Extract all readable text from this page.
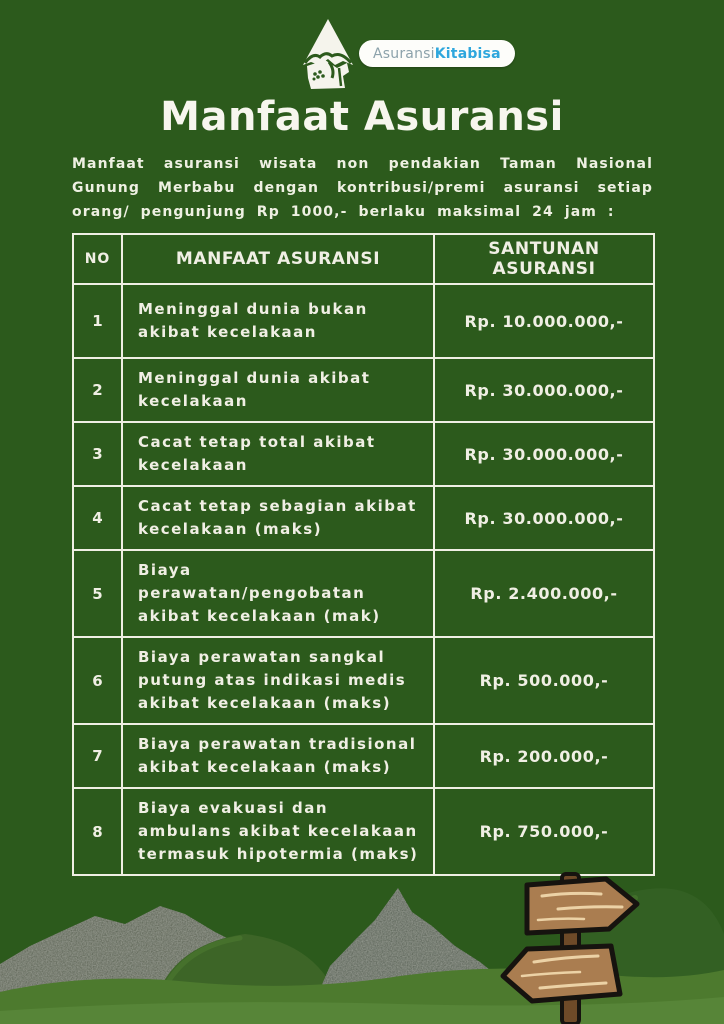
Asuransi Kitabisa
Manfaat Asuransi

Manfaat asuransi wisata non pendakian Taman Nasional Gunung Merbabu dengan kontribusi/premi asuransi setiap orang/ pengunjung Rp 1000,- berlaku maksimal 24 jam :

NO	MANFAAT ASURANSI	SANTUNAN ASURANSI
1	Meninggal dunia bukan akibat kecelakaan	Rp. 10.000.000,-
2	Meninggal dunia akibat kecelakaan	Rp. 30.000.000,-
3	Cacat tetap total akibat kecelakaan	Rp. 30.000.000,-
4	Cacat tetap sebagian akibat kecelakaan (maks)	Rp. 30.000.000,-
5	Biaya perawatan/pengobatan akibat kecelakaan (mak)	Rp. 2.400.000,-
6	Biaya perawatan sangkal putung atas indikasi medis akibat kecelakaan (maks)	Rp. 500.000,-
7	Biaya perawatan tradisional akibat kecelakaan (maks)	Rp. 200.000,-
8	Biaya evakuasi dan ambulans akibat kecelakaan termasuk hipotermia (maks)	Rp. 750.000,-
